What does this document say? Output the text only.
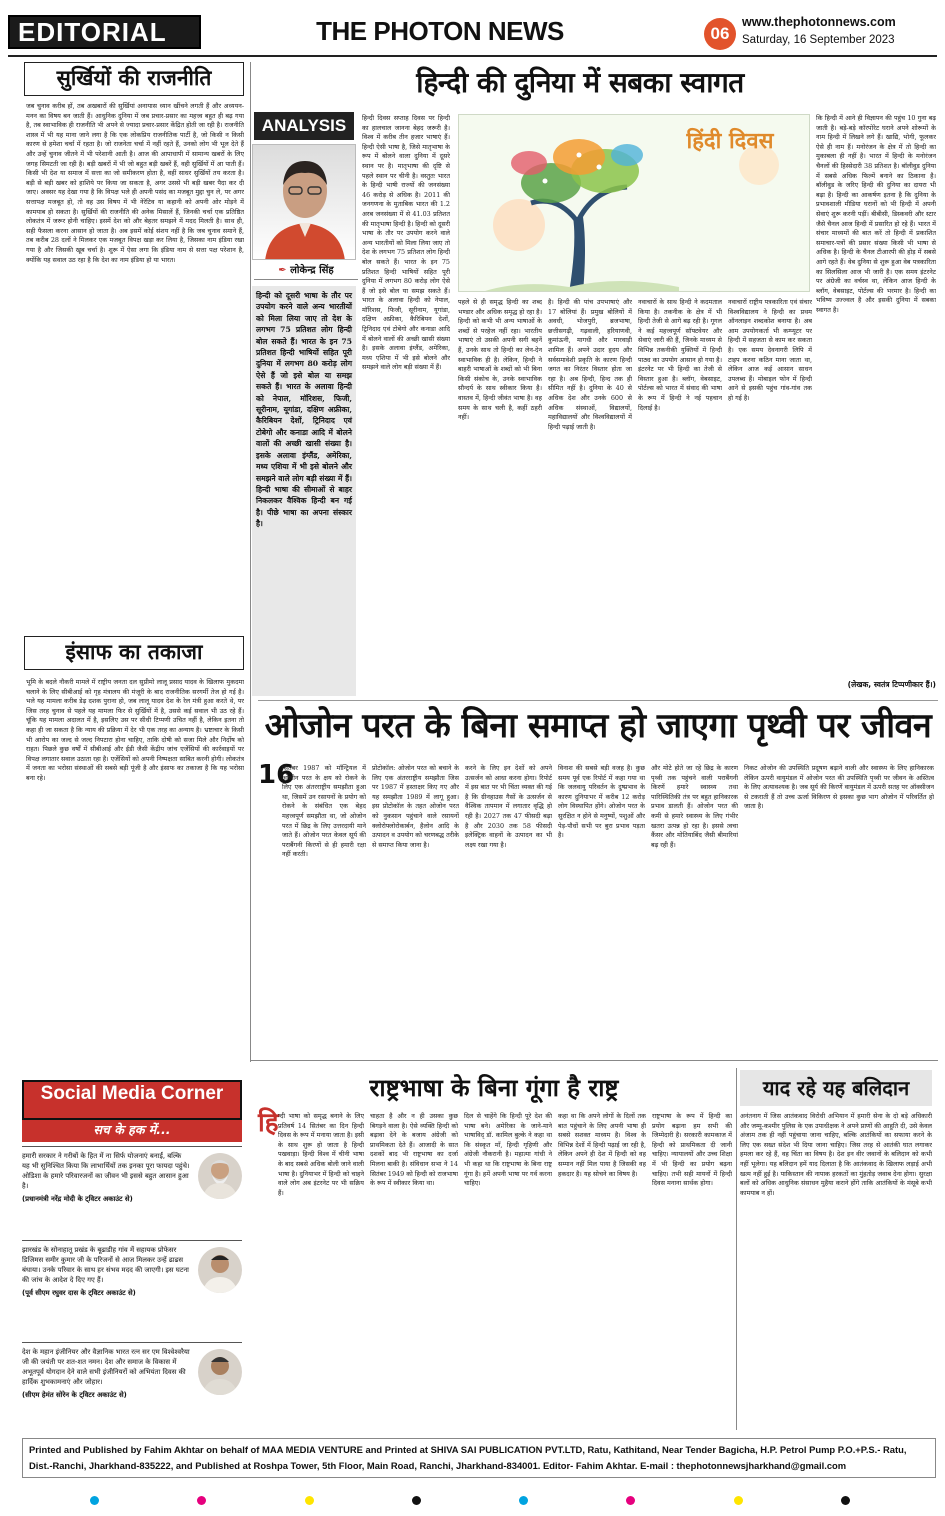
EDITORIAL	THE PHOTON NEWS	06
www.thephotonnews.com
Saturday, 16 September 2023
सुर्खियों की राजनीति
जब चुनाव करीब हों, तब अखबारों की सुर्खियां अनायास ध्यान खींचने लगती हैं और अध्ययन-मनन का विषय बन जाती हैं। आधुनिक दुनिया में जब प्रचार-प्रसार का महत्त्व बहुत ही बढ़ गया है, तब स्वाभाविक ही राजनीति भी अपने से ज्यादा प्रचार-प्रसार केंद्रित होती जा रही है। राजनीति शास्त्र में भी यह माना जाने लगा है कि एक लोकप्रिय राजनीतिक पार्टी है, जो किसी न किसी कारण से हमेशा चर्चा में रहता है। जो राजनेता चर्चा में नहीं रहते हैं, उनको लोग भी भूल देते हैं और उन्हें चुनाव जीतने में भी परेशानी आती है। आज की आपाधापी में सामान्य खबरों के लिए जगह सिमटती जा रही है। बड़ी खबरों में भी जो बहुत बड़ी खबरें हैं, वही सुर्खियों में आ पाती हैं। किसी भी देश या समाज में सत्ता का जो समीकरण होता है, वहीं साधर सुर्खियों तय करता है। बड़ी से बड़ी खबर को हाशिये पर किया जा सकता है, अगर उससे भी बड़ी खबर पैदा कर दी जाए। अक्सर यह देखा गया है कि विपक्ष भले ही अपनी पसंद का मजबूत मुद्दा चुन ले, पर अगर सत्तापक्ष मजबूत हो, तो वह उस विषय में भी नेरेटिव या कहानी को अपनी ओर मोड़ने में कामयाब हो सकता है। सुर्खियों की राजनीति की अनेक मिसालें हैं, जिनकी चर्चा एक प्रतिष्ठित लोकतंत्र में जरूर होनी चाहिए। इसमें देश को और बेहतर समझने में मदद मिलती है। साथ ही, सही फैसला करना आसान हो जाता है। अब इसमें कोई संशय नहीं है कि जब चुनाव समाने हैं, तब करीब 28 दलों ने मिलकर एक मजबूत विपक्ष खड़ा कर लिया है, जिसका नाम इंडिया रखा गया है और जिसकी खूब चर्चा है। शुरू में ऐसा लगा कि इंडिया नाम से सत्ता पक्ष परेशान है, क्योंकि यह सवाल उठ रहा है कि देश का नाम इंडिया हो या भारत।
इंसाफ का तकाजा
भूमि के बदले नौकरी मामले में राष्ट्रीय जनता दल सुप्रीमो लालू प्रसाद यादव के खिलाफ मुकदमा चलाने के लिए सीबीआई को गृह मंत्रालय की मंजूरी के बाद राजनीतिक सरगर्मी तेज हो गई है। भले यह मामला करीब डेढ़ दशक पुराना हो, जब लालू यादव देश के रेल मंत्री हुआ करते थे, पर जिस तरह चुनाव से पहले यह मामला फिर से सुर्खियों में है, उससे कई सवाल भी उठ रहे हैं। चूंकि यह मामला अदालत में है, इसलिए उस पर सीधी टिप्पणी उचित नहीं है, लेकिन इतना तो कहा ही जा सकता है कि न्याय की प्रक्रिया में देर भी एक तरह का अन्याय है। भ्रष्टाचार के किसी भी आरोप का जल्द से जल्द निपटारा होना चाहिए, ताकि दोषी को सजा मिले और निर्दोष को राहत। पिछले कुछ वर्षों में सीबीआई और ईडी जैसी केंद्रीय जांच एजेंसियों की कार्रवाइयों पर विपक्ष लगातार सवाल उठाता रहा है। एजेंसियों को अपनी निष्पक्षता साबित करनी होगी। लोकतंत्र में जनता का भरोसा संस्थाओं की सबसे बड़ी पूंजी है और इंसाफ का तकाजा है कि यह भरोसा बना रहे।
हिन्दी की दुनिया में सबका स्वागत
ANALYSIS
✒ लोकेन्द्र सिंह
हिन्दी को दूसरी भाषा के तौर पर उपयोग करने वाले अन्य भारतीयों को मिला लिया जाए तो देश के लगभग 75 प्रतिशत लोग हिन्दी बोल सकते हैं। भारत के इन 75 प्रतिशत हिन्दी भाषियों सहित पूरी दुनिया में लगभग 80 करोड़ लोग ऐसे हैं जो इसे बोल या समझ सकते हैं। भारत के अलावा हिन्दी को नेपाल, मॉरिशस, फिजी, सूरीनाम, यूगांडा, दक्षिण अफ्रीका, कैरिबियन देशों, ट्रिनिदाद एवं टोबेगो और कनाडा आदि में बोलने वालों की अच्छी खासी संख्या है। इसके अलावा इंग्लैंड, अमेरिका, मध्य एशिया में भी इसे बोलने और समझने वाले लोग बड़ी संख्या में हैं। हिन्दी भाषा की सीमाओं से बाहर निकलकर वैश्विक हिन्दी बन गई है। पीछे भाषा का अपना संस्कार है।
हिन्दी दिवस सप्ताह दिवस पर हिन्दी का हालचाल जानना बेहद जरूरी है। विश्व में करीब तीन हजार भाषाएं हैं। हिन्दी ऐसी भाषा है, जिसे मातृभाषा के रूप में बोलने वाला दुनिया में दूसरे स्थान पर है। मातृभाषा की दृष्टि से पहले स्थान पर चीनी है। वस्तुतः भारत के हिन्दी भाषी राज्यों की जनसंख्या 46 करोड़ से अधिक है। 2011 की जनगणना के मुताबिक भारत की 1.2 अरब जनसंख्या में से 41.03 प्रतिशत की मातृभाषा हिन्दी है। हिन्दी को दूसरी भाषा के तौर पर उपयोग करने वाले अन्य भारतीयों को मिला लिया जाए तो देश के लगभग 75 प्रतिशत लोग हिन्दी बोल सकते हैं। भारत के इन 75 प्रतिशत हिन्दी भाषियों सहित पूरी दुनिया में लगभग 80 करोड़ लोग ऐसे हैं जो इसे बोल या समझ सकते हैं। भारत के अलावा हिन्दी को नेपाल, मॉरिशस, फिजी, सूरीनाम, यूगांडा, दक्षिण अफ्रीका, कैरिबियन देशों, ट्रिनिदाद एवं टोबेगो और कनाडा आदि में बोलने वालों की अच्छी खासी संख्या है। इसके अलावा इंग्लैंड, अमेरिका, मध्य एशिया में भी इसे बोलने और समझने वाले लोग बड़ी संख्या में हैं।
हिंदी दिवस
पहले से ही समृद्ध हिन्दी का शब्द भण्डार और अधिक समृद्ध हो रहा है। हिन्दी को कभी भी अन्य भाषाओं के शब्दों से परहेज नहीं रहा। भारतीय भाषाएं तो उसकी अपनी सगी बहनें हैं, उनके साथ तो हिन्दी का लेन-देन स्वाभाविक ही है। लेकिन, हिन्दी ने बाहरी भाषाओं के शब्दों को भी बिना किसी संकोच के, उनके स्वाभाविक सौन्दर्य के साथ स्वीकार किया है। वास्तव में, हिन्दी जीवंत भाषा है। वह समय के साथ चली है, कहीं ठहरी नहीं।
है। हिन्दी की पांच उपभाषाएं और 17 बोलियां हैं। प्रमुख बोलियों में अवधी, भोजपुरी, ब्रजभाषा, छत्तीसगढ़ी, गढ़वाली, हरियाणवी, कुमांऊनी, मागधी और मारवाड़ी शामिल हैं। अपने उदार हृदय और सर्वसमावेशी प्रकृति के कारण हिन्दी जगत का निरंतर विस्तार होता जा रहा है। अब हिन्दी, हिन्द तक ही सीमित नहीं है। दुनिया के 40 से अधिक देश और उनके 600 से अधिक संस्थाओं, विद्यालयों, महाविद्यालयों और विश्वविद्यालयों में हिन्दी पढ़ाई जाती है।
नवाचारों के साथ हिन्दी ने कदमताल किया है। तकनीक के क्षेत्र में भी हिन्दी तेजी से आगे बढ़ रही है। गूगल ने कई महत्त्वपूर्ण सॉफ्टवेयर और सेवाएं जारी की हैं, जिनके माध्यम से विभिन्न तकनीकी युक्तियों में हिन्दी पाठ्य का उपयोग आसान हो गया है। इंटरनेट पर भी हिन्दी का तेजी से विस्तार हुआ है। ब्लॉग, वेबसाइट, पोर्टल्स को भारत में संवाद की भाषा के रूप में हिन्दी ने नई पहचान दिलाई है।
नवाचारों राष्ट्रीय पत्रकारिता एवं संचार विश्वविद्यालय ने हिन्दी का प्रथम ऑनलाइन शब्दकोश बनाया है। अब आम उपयोगकर्ता भी कम्प्यूटर पर हिन्दी में सहजता से काम कर सकता है। एक समय देवनागरी लिपि में टाइप करना कठिन माना जाता था, लेकिन आज कई आसान साधन उपलब्ध हैं। मोबाइल फोन में हिन्दी आने से इसकी पहुंच गांव-गांव तक हो गई है।
कि हिन्दी में आने ही विज्ञापन की पहुंच 10 गुना बढ़ जाती है। बड़े-बड़े कॉरपोरेट घराने अपने शोरूमों के नाम हिन्दी में लिखने लगे हैं। खाद्यि, भोगी, फूलकर ऐसे ही नाम हैं। मनोरंजन के क्षेत्र में तो हिन्दी का मुकाबला ही नहीं है। भारत में हिन्दी के मनोरंजन चैनलों की हिस्सेदारी 38 प्रतिशत है। बॉलीवुड दुनिया में सबसे अधिक फिल्में बनाने का ठिकाना है। बॉलीवुड के जरिए हिन्दी की दुनिया का दायरा भी बढ़ा है। हिन्दी का आकर्षण इतना है कि दुनिया के प्रभावशाली मीडिया घरानों को भी हिन्दी में अपनी सेवाएं शुरू करनी पड़ीं। बीबीसी, डिस्कवरी और स्टार जैसे चैनल आज हिन्दी में प्रसारित हो रहे हैं। भारत में संचार माध्यमों की बात करें तो हिन्दी में प्रकाशित समाचार-पत्रों की प्रसार संख्या किसी भी भाषा से अधिक है। हिन्दी के चैनल टीआरपी की होड़ में सबसे आगे रहते हैं। वेब दुनिया से शुरू हुआ वेब पत्रकारिता का सिलसिला आज भी जारी है। एक समय इंटरनेट पर अंग्रेजी का वर्चस्व था, लेकिन आज हिन्दी के ब्लॉग, वेबसाइट, पोर्टल्स की भरमार है। हिन्दी का भविष्य उज्ज्वल है और इसकी दुनिया में सबका स्वागत है।
(लेखक, स्वतंत्र टिप्पणीकार हैं।)
ओजोन परत के बिना समाप्त हो जाएगा पृथ्वी पर जीवन
16
सितंबर 1987 को मॉन्ट्रियल में ओजोन परत के क्षय को रोकने के लिए एक अंतरराष्ट्रीय समझौता हुआ था, जिसमें उन रसायनों के प्रयोग को रोकने के संबंधित एक बेहद महत्त्वपूर्ण समझौता था, जो ओजोन परत में छिद्र के लिए उत्तरदायी माने जाते हैं। ओजोन परत केवल सूर्य की पराबैंगनी किरणों से ही हमारी रक्षा नहीं करती।
प्रोटोकॉल: ओजोन परत को बचाने के लिए एक अंतरराष्ट्रीय समझौता जिस पर 1987 में हस्ताक्षर किए गए और यह समझौता 1989 में लागू हुआ। इस प्रोटोकॉल के तहत ओजोन परत को नुकसान पहुंचाने वाले रसायनों क्लोरोफ्लोरोकार्बन, हैलोन आदि के उत्पादन व उपयोग को चरणबद्ध तरीके से समाप्त किया जाना है।
करने के लिए इन देशों को अपने उत्सर्जन को आधा करना होगा। रिपोर्ट में इस बात पर भी चिंता व्यक्त की गई है कि ग्रीनहाउस गैसों के उत्सर्जन से वैश्विक तापमान में लगातार वृद्धि हो रही है। 2027 तक 47 फीसदी बढ़ा है और 2030 तक 58 फीसदी इलेक्ट्रिक वाहनों के उत्पादन का भी लक्ष्य रखा गया है।
विनाश की सबसे बड़ी वजह है। कुछ समय पूर्व एक रिपोर्ट में कहा गया था कि जलवायु परिवर्तन के दुष्प्रभाव के कारण दुनियाभर में करीब 12 करोड़ लोग विस्थापित होंगे। ओजोन परत के सुरक्षित न होने से मनुष्यों, पशुओं और पेड़-पौधों सभी पर बुरा प्रभाव पड़ता है।
और मोटे होते जा रहे छिद्र के कारण पृथ्वी तक पहुंचने वाली पराबैंगनी किरणें हमारे स्वास्थ्य तथा पारिस्थितिकी तंत्र पर बहुत हानिकारक प्रभाव डालती हैं। ओजोन परत की कमी से हमारे स्वास्थ्य के लिए गंभीर खतरा उत्पन्न हो रहा है। इससे त्वचा कैंसर और मोतियाबिंद जैसी बीमारियां बढ़ रही हैं।
निकट ओजोन की उपस्थिति प्रदूषण बढ़ाने वाली और स्वास्थ्य के लिए हानिकारक लेकिन ऊपरी वायुमंडल में ओजोन परत की उपस्थिति पृथ्वी पर जीवन के अस्तित्व के लिए अत्यावश्यक है। जब सूर्य की किरणें वायुमंडल में ऊपरी सतह पर ऑक्सीजन से टकराती हैं तो उच्च ऊर्जा विकिरण से इसका कुछ भाग ओजोन में परिवर्तित हो जाता है।
Social Media Corner
सच के हक में...
हमारी सरकार ने गरीबों के हित में ना सिर्फ योजनाएं बनाईं, बल्कि यह भी सुनिश्चित किया कि लाभार्थियों तक इनका पूरा फायदा पहुंचे। ओडिशा के हमारे परिवारजनों का जीवन भी इससे बहुत आसान हुआ है।
(प्रधानमंत्री नरेंद्र मोदी के ट्विटर अकाउंट से)
झारखंड के सोनाहातू प्रखंड के बूढाडीह गांव में सहायक प्रोफेसर डिजिमस समीर कुमार जी के परिजनों से आज मिलकर उन्हें ढाढस बंधाया। उनके परिवार के साथ हर संभव मदद की जाएगी। इस घटना की जांच के आदेश दे दिए गए हैं।
(पूर्व सीएम रघुवर दास के ट्विटर अकाउंट से)
देश के महान इंजीनियर और वैज्ञानिक भारत रत्न सर एम विश्वेश्वरैया जी की जयंती पर शत-शत नमन। देश और समाज के विकास में अभूतपूर्व योगदान देने वाले सभी इंजीनियरों को अभियंता दिवस की हार्दिक शुभकामनाएं और जोहार।
(सीएम हेमंत सोरेन के ट्विटर अकाउंट से)
राष्ट्रभाषा के बिना गूंगा है राष्ट्र
हि न्दी भाषा को समृद्ध बनाने के लिए प्रतिवर्ष 14 सितंबर का दिन हिन्दी दिवस के रूप में मनाया जाता है। इसी के साथ शुरू हो जाता है हिन्दी पखवाड़ा। हिन्दी विश्व में चीनी भाषा के बाद सबसे अधिक बोली जाने वाली भाषा है। दुनियाभर में हिन्दी को चाहने वाले लोग अब इंटरनेट पर भी सक्रिय हैं।
चाहता है और न ही उसका कुछ बिगड़ने वाला है। ऐसे व्यक्ति हिन्दी को बढ़ावा देने के बजाय अंग्रेजी को प्राथमिकता देते हैं। आजादी के सात दशकों बाद भी राष्ट्रभाषा का दर्जा मिलना बाकी है। संविधान सभा ने 14 सितंबर 1949 को हिन्दी को राजभाषा के रूप में स्वीकार किया था।
दिल से चाहेंगे कि हिन्दी पूरे देश की भाषा बने। अमेरिका के जाने-माने भाषाविद् डॉ. कामिल बुल्के ने कहा था कि संस्कृत माँ, हिन्दी गृहिणी और अंग्रेजी नौकरानी है। महात्मा गांधी ने भी कहा था कि राष्ट्रभाषा के बिना राष्ट्र गूंगा है। हमें अपनी भाषा पर गर्व करना चाहिए।
कहा था कि अपने लोगों के दिलों तक बात पहुंचाने के लिए अपनी भाषा ही सबसे सशक्त माध्यम है। विश्व के विभिन्न देशों में हिन्दी पढ़ाई जा रही है, लेकिन अपने ही देश में हिन्दी को वह सम्मान नहीं मिल पाया है जिसकी वह हकदार है। यह सोचने का विषय है।
राष्ट्रभाषा के रूप में हिन्दी का प्रयोग बढ़ाना हम सभी की जिम्मेदारी है। सरकारी कामकाज में हिन्दी को प्राथमिकता दी जानी चाहिए। न्यायालयों और उच्च शिक्षा में भी हिन्दी का प्रयोग बढ़ना चाहिए। तभी सही मायनों में हिन्दी दिवस मनाना सार्थक होगा।
याद रहे यह बलिदान
अनंतनाग में जिस आतंकवाद विरोधी अभियान में हमारी सेना के दो बड़े अधिकारी और जम्मू-कश्मीर पुलिस के एक उपाधीक्षक ने अपने प्राणों की आहुति दी, उसे केवल अंजाम तक ही नहीं पहुंचाया जाना चाहिए, बल्कि आतंकियों का सफाया करने के लिए एक सख्त संदेश भी दिया जाना चाहिए। जिस तरह से आतंकी घात लगाकर हमला कर रहे हैं, वह चिंता का विषय है। देश इन वीर जवानों के बलिदान को कभी नहीं भूलेगा। यह बलिदान हमें याद दिलाता है कि आतंकवाद के खिलाफ लड़ाई अभी खत्म नहीं हुई है। पाकिस्तान की नापाक हरकतों का मुंहतोड़ जवाब देना होगा। सुरक्षा बलों को अधिक आधुनिक संसाधन मुहैया कराने होंगे ताकि आतंकियों के मंसूबे कभी कामयाब न हों।
Printed and Published by Fahim Akhtar on behalf of MAA MEDIA VENTURE and Printed at SHIVA SAI PUBLICATION PVT.LTD, Ratu, Kathitand, Near Tender Bagicha, H.P. Petrol Pump P.O.+P.S.- Ratu,
Dist.-Ranchi, Jharkhand-835222, and Published at Roshpa Tower, 5th Floor, Main Road, Ranchi, Jharkhand-834001. Editor- Fahim Akhtar. E-mail : thephotonnewsjharkhand@gmail.com
